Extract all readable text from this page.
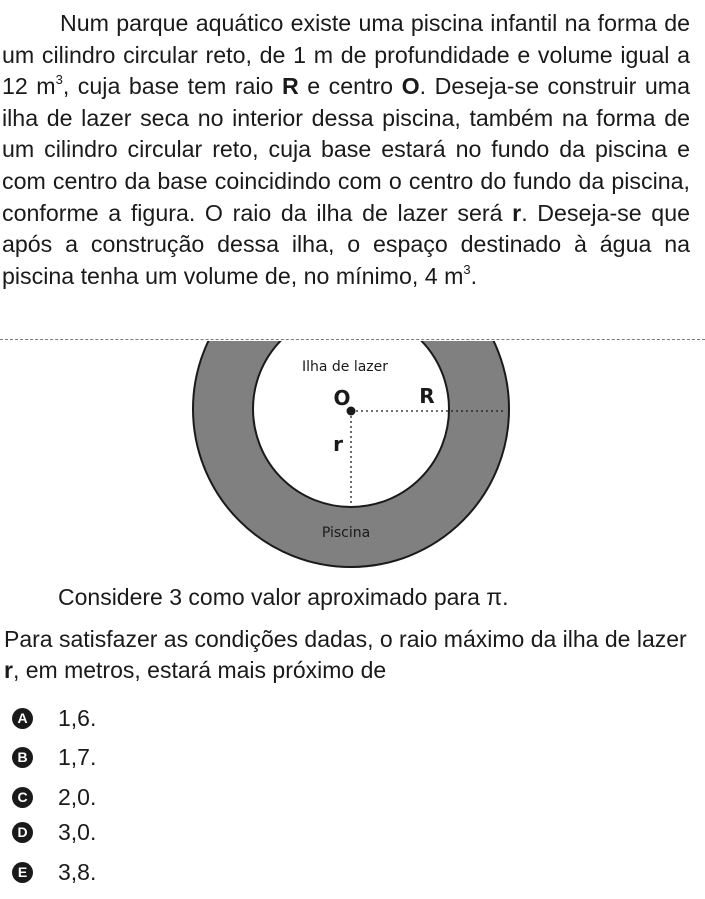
Num parque aquático existe uma piscina infantil na forma de um cilindro circular reto, de 1 m de profundidade e volume igual a 12 $m^3$, cuja base tem raio R e centro O. Deseja-se construir uma ilha de lazer seca no interior dessa piscina, também na forma de um cilindro circular reto, cuja base estará no fundo da piscina e com centro da base coincidindo com o centro do fundo da piscina, conforme a figura. O raio da ilha de lazer será r. Deseja-se que após a construção dessa ilha, o espaço destinado à água na piscina tenha um volume de, no mínimo, 4 $m^3$.
Ilha de lazer
O	R
r
Piscina
Considere 3 como valor aproximado para π.
Para satisfazer as condições dadas, o raio máximo da ilha de lazer r, em metros, estará mais próximo de
A 1,6.
B 1,7.
C 2,0.
D 3,0.
E 3,8.
